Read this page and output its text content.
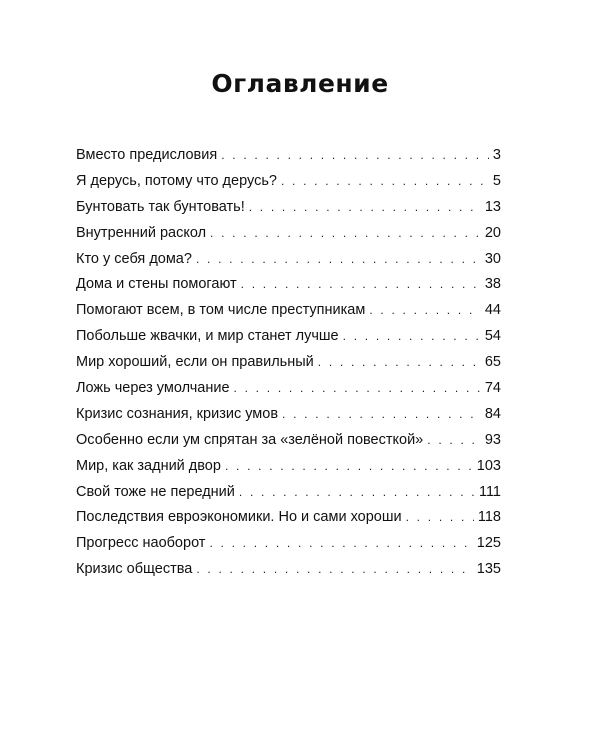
Оглавление
Вместо предисловия . . .	3
Я дерусь, потому что дерусь? . . .	5
Бунтовать так бунтовать! . . .	13
Внутренний раскол . . .	20
Кто у себя дома? . . .	30
Дома и стены помогают . . .	38
Помогают всем, в том числе преступникам . . .	44
Побольше жвачки, и мир станет лучше . . .	54
Мир хороший, если он правильный . . .	65
Ложь через умолчание . . .	74
Кризис сознания, кризис умов . . .	84
Особенно если ум спрятан за «зелёной повесткой» . . .	93
Мир, как задний двор . . .	103
Свой тоже не передний . . .	111
Последствия евроэкономики. Но и сами хороши . . .	118
Прогресс наоборот . . .	125
Кризис общества . . .	135
